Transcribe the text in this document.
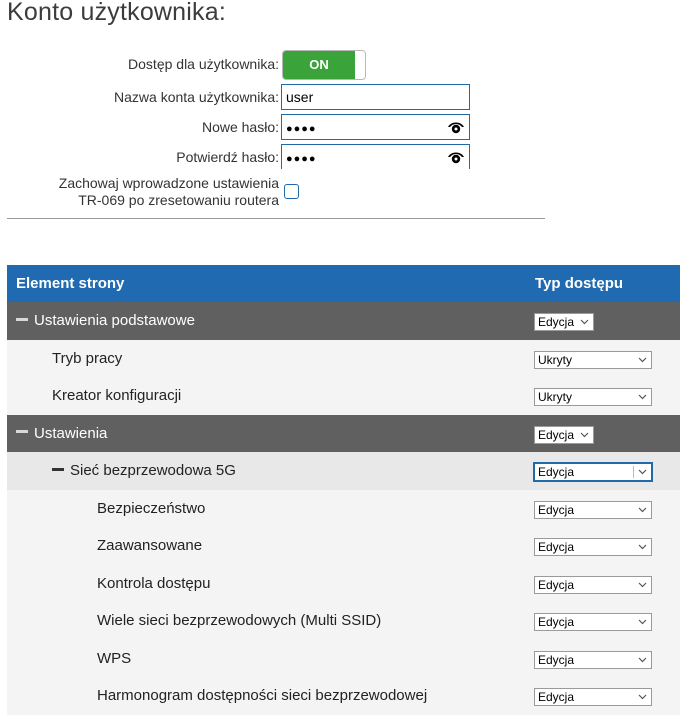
Konto użytkownika:
Dostęp dla użytkownika:	ON
Nazwa konta użytkownika: user
Nowe hasło: ●●●●
Potwierdź hasło: ●●●●
Zachowaj wprowadzone ustawienia
TR-069 po zresetowaniu routera
Element strony	Typ dostępu
Ustawienia podstawowe	Edycja
Tryb pracy	Ukryty
Kreator konfiguracji	Ukryty
Ustawienia	Edycja
Sieć bezprzewodowa 5G	Edycja
Bezpieczeństwo	Edycja
Zaawansowane	Edycja
Kontrola dostępu	Edycja
Wiele sieci bezprzewodowych (Multi SSID)	Edycja
WPS	Edycja
Harmonogram dostępności sieci bezprzewodowej	Edycja
